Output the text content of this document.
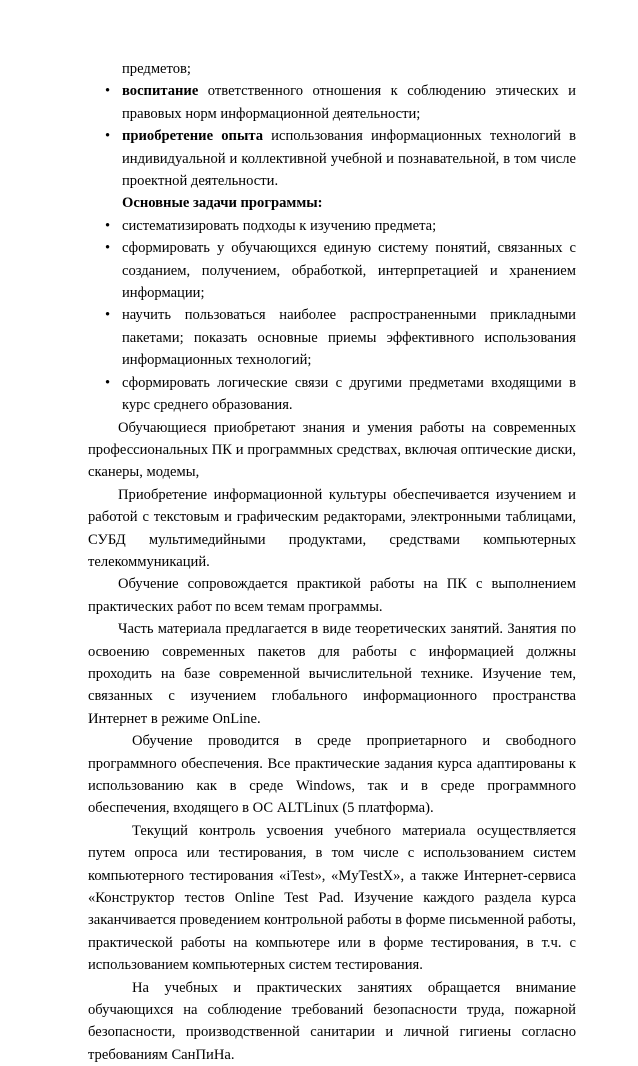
предметов;

• воспитание ответственного отношения к соблюдению этических и правовых норм информационной деятельности;
• приобретение опыта использования информационных технологий в индивидуальной и коллективной учебной и познавательной, в том числе проектной деятельности.

Основные задачи программы:

• систематизировать подходы к изучению предмета;
• сформировать у обучающихся единую систему понятий, связанных с созданием, получением, обработкой, интерпретацией и хранением информации;
• научить пользоваться наиболее распространенными прикладными пакетами; показать основные приемы эффективного использования информационных технологий;
• сформировать логические связи с другими предметами входящими в курс среднего образования.

Обучающиеся приобретают знания и умения работы на современных профессиональных ПК и программных средствах, включая оптические диски, сканеры, модемы,

Приобретение информационной культуры обеспечивается изучением и работой с текстовым и графическим редакторами, электронными таблицами, СУБД мультимедийными продуктами, средствами компьютерных телекоммуникаций.

Обучение сопровождается практикой работы на ПК с выполнением практических работ по всем темам программы.

Часть материала предлагается в виде теоретических занятий. Занятия по освоению современных пакетов для работы с информацией должны проходить на базе современной вычислительной технике. Изучение тем, связанных с изучением глобального информационного пространства Интернет в режиме OnLine.

Обучение проводится в среде проприетарного и свободного программного обеспечения. Все практические задания курса адаптированы к использованию как в среде Windows, так и в среде программного обеспечения, входящего в ОС ALTLinux (5 платформа).

Текущий контроль усвоения учебного материала осуществляется путем опроса или тестирования, в том числе с использованием систем компьютерного тестирования «iTest», «MyTestX», а также Интернет-сервиса «Конструктор тестов Online Test Pad. Изучение каждого раздела курса заканчивается проведением контрольной работы в форме письменной работы, практической работы на компьютере или в форме тестирования, в т.ч. с использованием компьютерных систем тестирования.

На учебных и практических занятиях обращается внимание обучающихся на соблюдение требований безопасности труда, пожарной безопасности, производственной санитарии и личной гигиены согласно требованиям СанПиНа.
